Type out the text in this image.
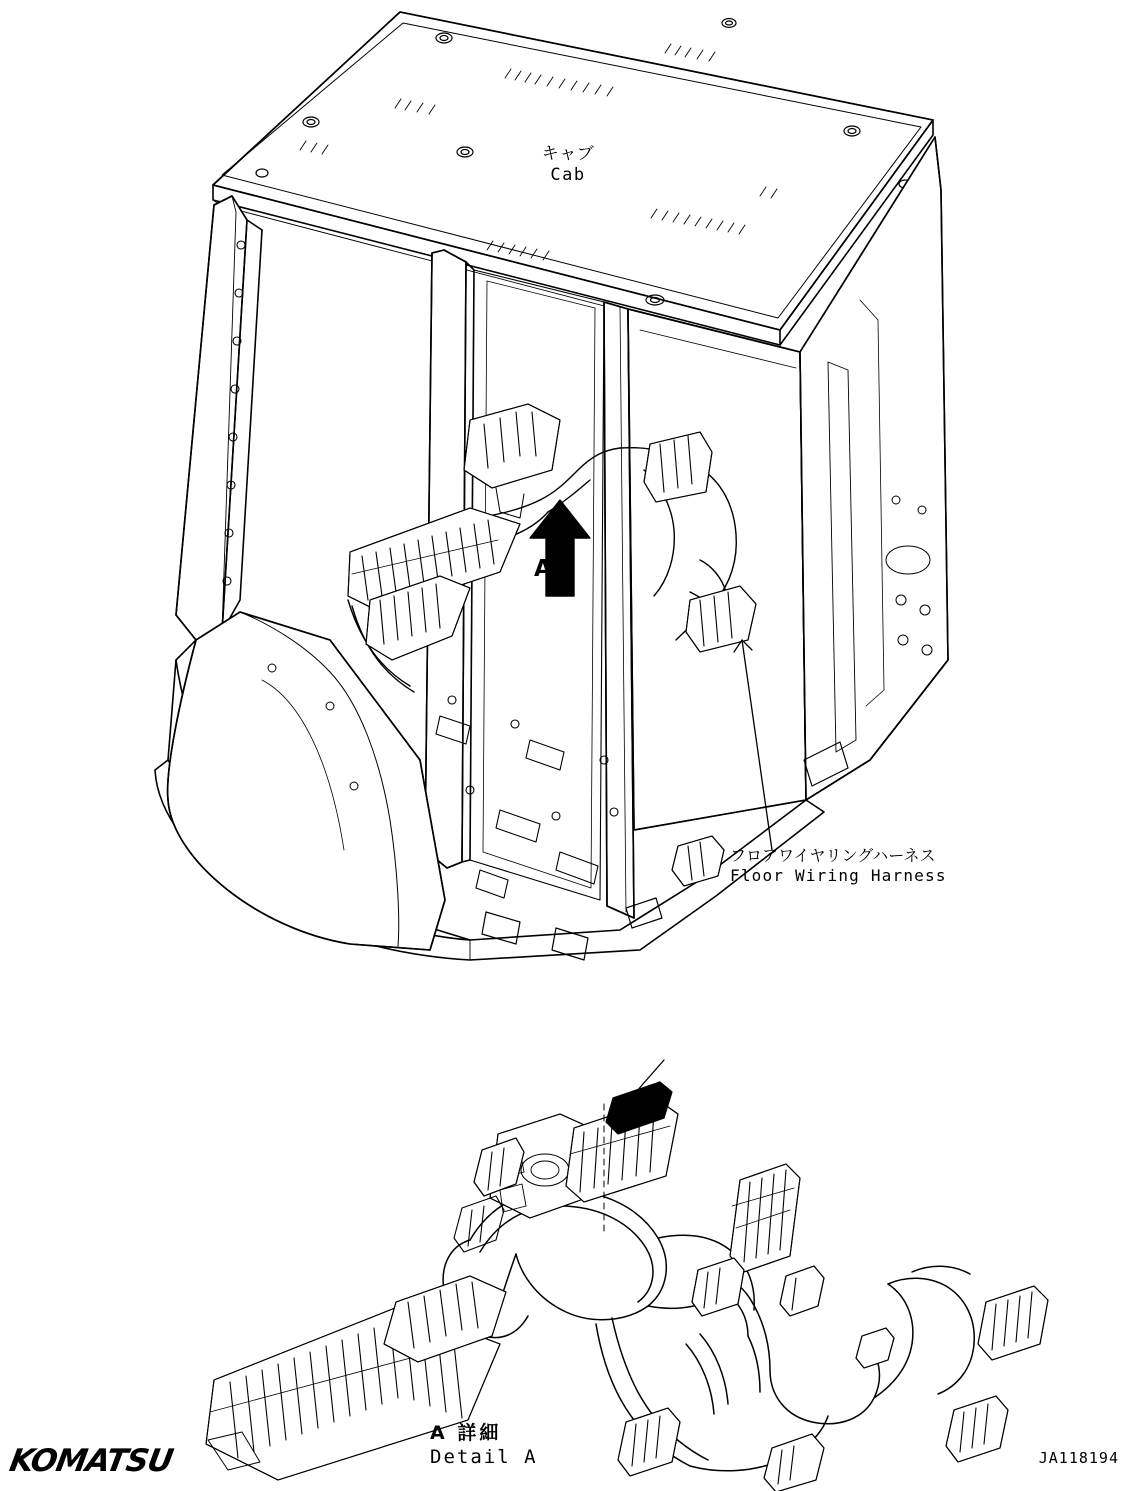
キャブ
Cab
フロアワイヤリングハーネス
Floor Wiring Harness
A 詳細
Detail A
A
JA118194
KOMATSU
